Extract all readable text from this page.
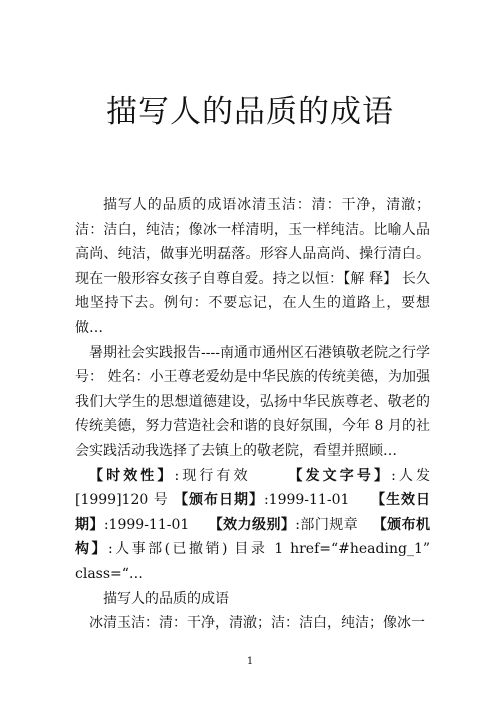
描写人的品质的成语

描写人的品质的成语冰清玉洁：清：干净，清澈；洁：洁白，纯洁；像冰一样清明，玉一样纯洁。比喻人品高尚、纯洁，做事光明磊落。形容人品高尚、操行清白。 现在一般形容女孩子自尊自爱。持之以恒：【解 释】 长久地坚持下去。例句：不要忘记，在人生的道路上，要想做…

暑期社会实践报告----南通市通州区石港镇敬老院之行学号： 姓名：小王尊老爱幼是中华民族的传统美德，为加强我们大学生的思想道德建设，弘扬中华民族尊老、敬老的传统美德，努力营造社会和谐的良好氛围，今年 8 月的社会实践活动我选择了去镇上的敬老院，看望并照顾…

【时效性】:现行有效	【发文字号】:人发[1999]120 号 【颁布日期】:1999-11-01 【生效日期】:1999-11-01 【效力级别】:部门规章 【颁布机构】:人事部(已撤销) 目录 1 href=“#heading_1” class=“…

描写人的品质的成语

冰清玉洁：清：干净，清澈；洁：洁白，纯洁；像冰一

1
